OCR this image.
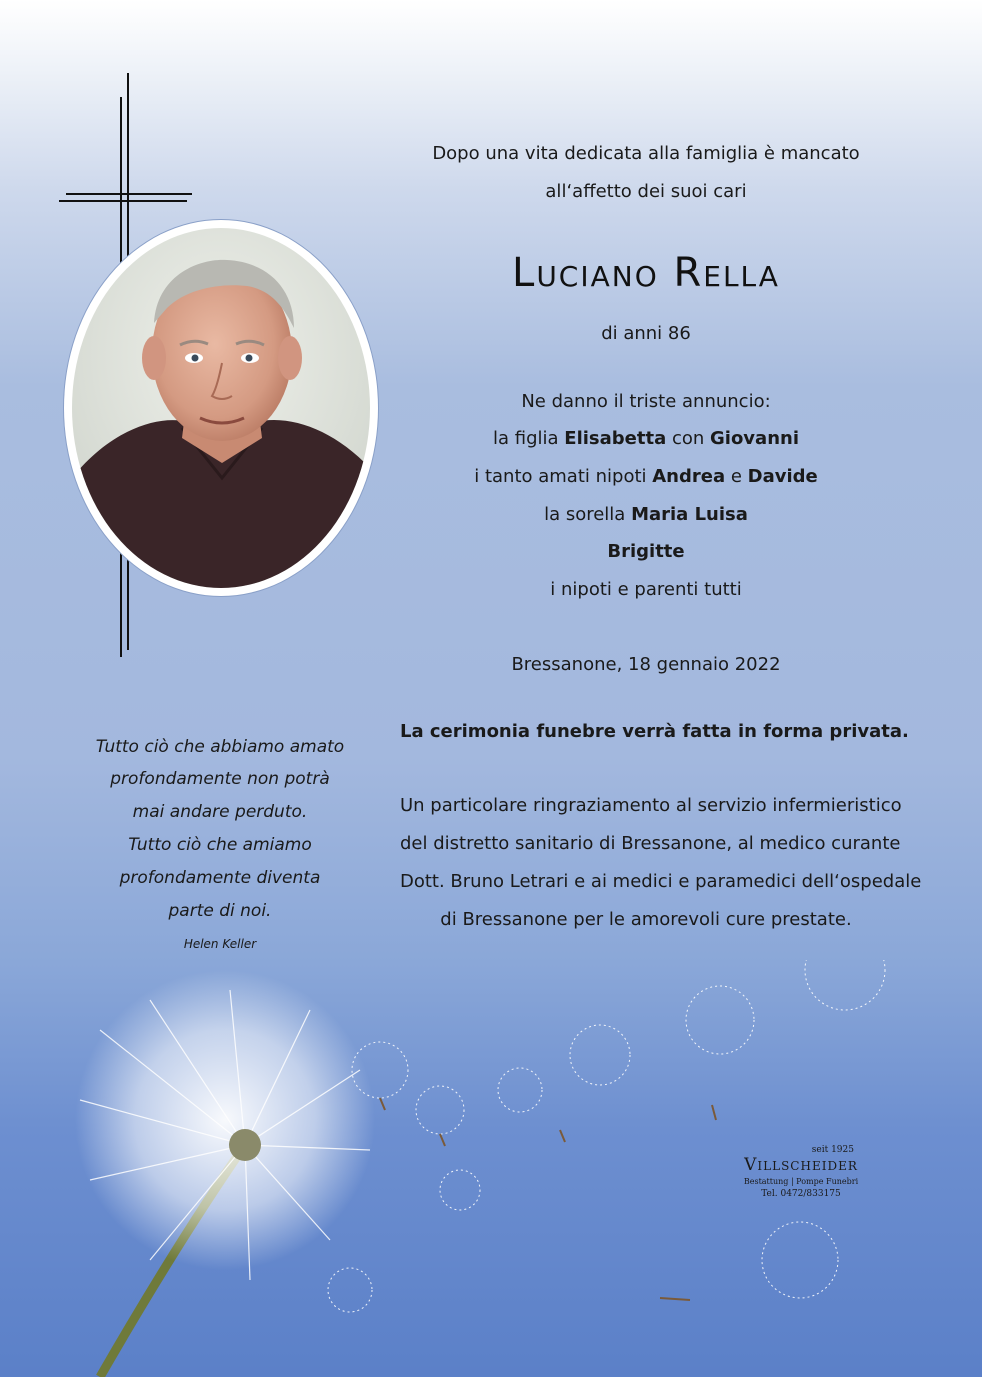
Dopo una vita dedicata alla famiglia è mancato
all‘affetto dei suoi cari
Luciano Rella
di anni 86
Ne danno il triste annuncio:
la figlia Elisabetta con Giovanni
i tanto amati nipoti Andrea e Davide
la sorella Maria Luisa
Brigitte
i nipoti e parenti tutti
Bressanone, 18 gennaio 2022
La cerimonia funebre verrà fatta in forma privata.
Un particolare ringraziamento al servizio infermieristico
del distretto sanitario di Bressanone, al medico curante
Dott. Bruno Letrari e ai medici e paramedici dell‘ospedale
di Bressanone per le amorevoli cure prestate.
Tutto ciò che abbiamo amato
profondamente non potrà
mai andare perduto.
Tutto ciò che amiamo
profondamente diventa
parte di noi.
Helen Keller
seit 1925
Villscheider
Bestattung | Pompe Funebri
Tel. 0472/833175
